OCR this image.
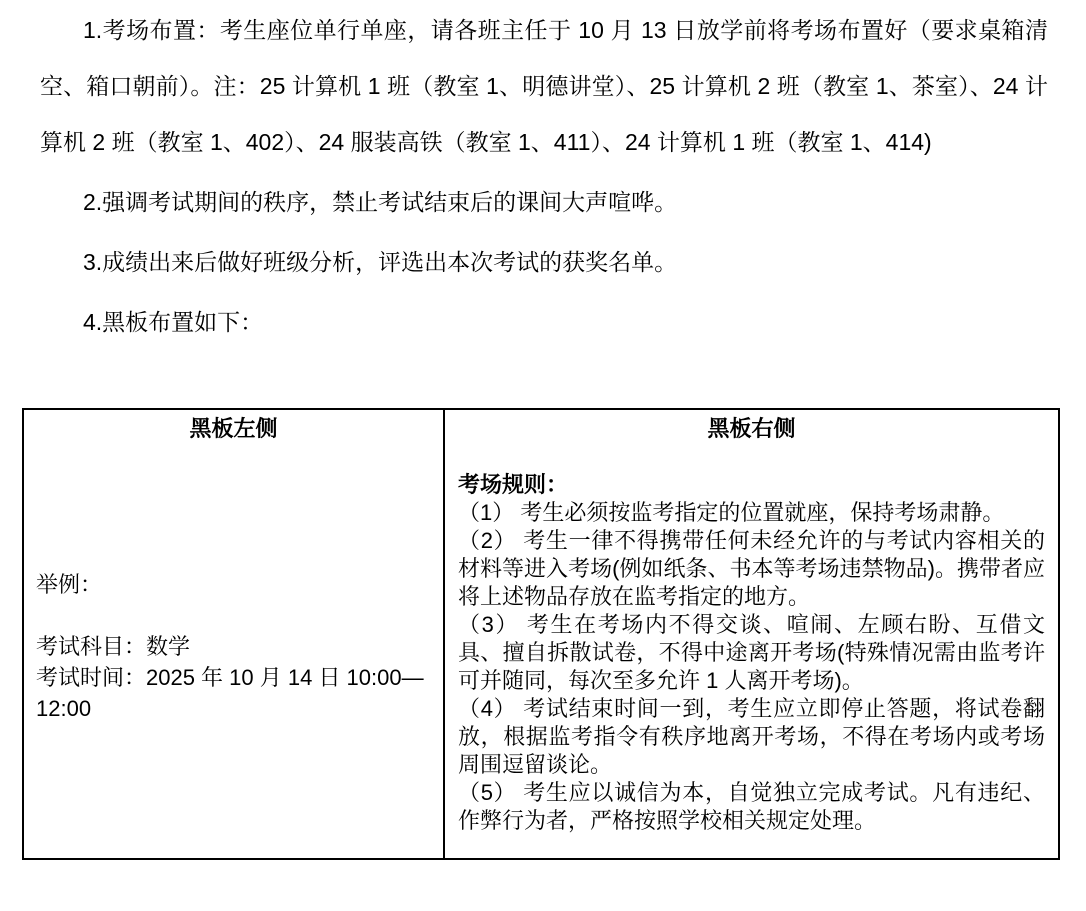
1.考场布置：考生座位单行单座，请各班主任于 10 月 13 日放学前将考场布置好（要求桌箱清空、箱口朝前）。注：25 计算机 1 班（教室 1、明德讲堂）、25 计算机 2 班（教室 1、茶室）、24 计算机 2 班（教室 1、402）、24 服装高铁（教室 1、411）、24 计算机 1 班（教室 1、414)

2.强调考试期间的秩序，禁止考试结束后的课间大声喧哗。

3.成绩出来后做好班级分析，评选出本次考试的获奖名单。

4.黑板布置如下：

黑板左侧

举例：

考试科目：数学

考试时间：2025 年 10 月 14 日 10:00—12:00

黑板右侧

考场规则：

（1） 考生必须按监考指定的位置就座，保持考场肃静。

（2） 考生一律不得携带任何未经允许的与考试内容相关的材料等进入考场(例如纸条、书本等考场违禁物品)。携带者应将上述物品存放在监考指定的地方。

（3） 考生在考场内不得交谈、喧闹、左顾右盼、互借文具、擅自拆散试卷，不得中途离开考场(特殊情况需由监考许可并随同，每次至多允许 1 人离开考场)。

（4） 考试结束时间一到，考生应立即停止答题，将试卷翻放，根据监考指令有秩序地离开考场，不得在考场内或考场周围逗留谈论。

（5） 考生应以诚信为本，自觉独立完成考试。凡有违纪、作弊行为者，严格按照学校相关规定处理。
